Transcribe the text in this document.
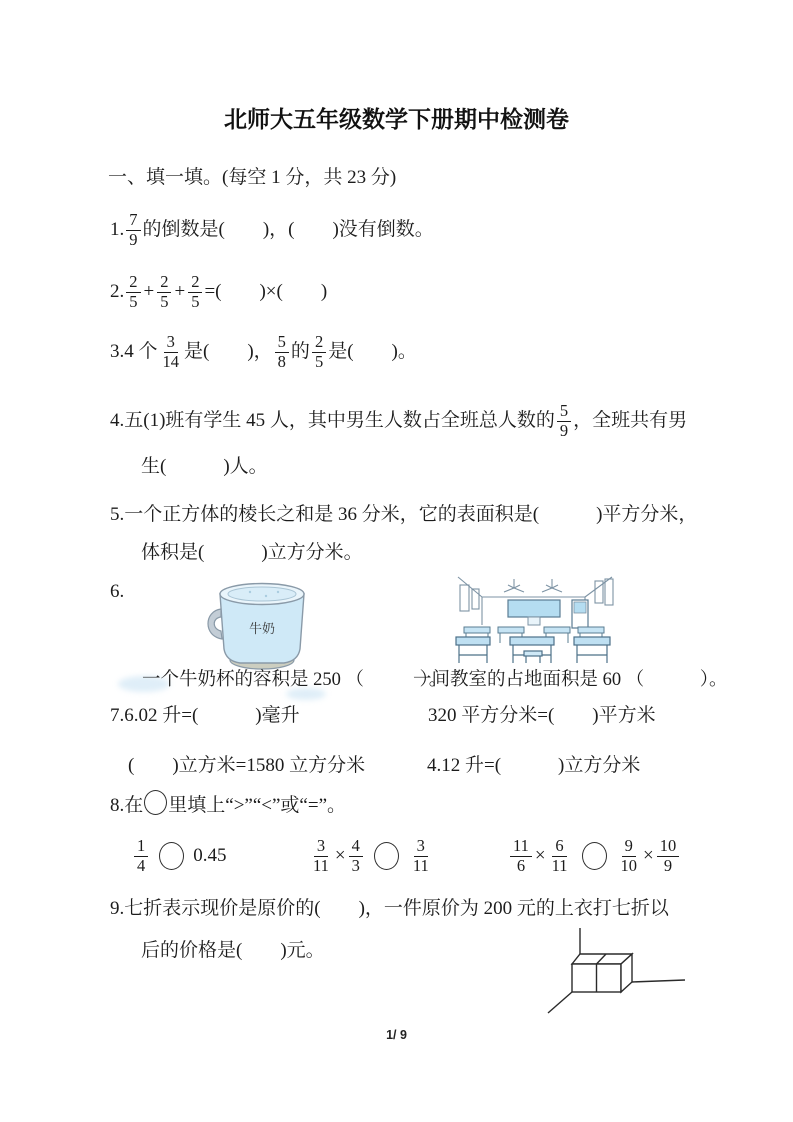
北师大五年级数学下册期中检测卷
一、填一填。(每空 1 分，共 23 分)
1. $\frac{7}{9}$ 的倒数是(　　)，(　　)没有倒数。
2. $\frac{2}{5} + \frac{2}{5} + \frac{2}{5}$ =(　　)×(　　)
3. 4 个 $\frac{3}{14}$ 是(　　)， $\frac{5}{8}$ 的 $\frac{2}{5}$ 是(　　)。
4. 五(1)班有学生 45 人，其中男生人数占全班总人数的 $\frac{5}{9}$ ，全班共有男
生(　　　)人。
5. 一个正方体的棱长之和是 36 分米，它的表面积是(　　　)平方分米，
体积是(　　　)立方分米。
6.
牛奶
一个牛奶杯的容积是 250 （　　　）。
一间教室的占地面积是 60 （　　　）。
7.6.02 升=(　　　)毫升	320 平方分米=(　　)平方米
(　　)立方米=1580 立方分米	4.12 升=(　　　)立方分米
8.在 里填上“>”“<”或“=”。
$\frac{1}{4} 0.45$	$\frac{3}{11} \times \frac{4}{3}$	$\frac{3}{11}$	$\frac{11}{6} \times \frac{6}{11}$	$\frac{9}{10} \times \frac{10}{9}$
9.七折表示现价是原价的(　　)，一件原价为 200 元的上衣打七折以
后的价格是(　　)元。
1/ 9
